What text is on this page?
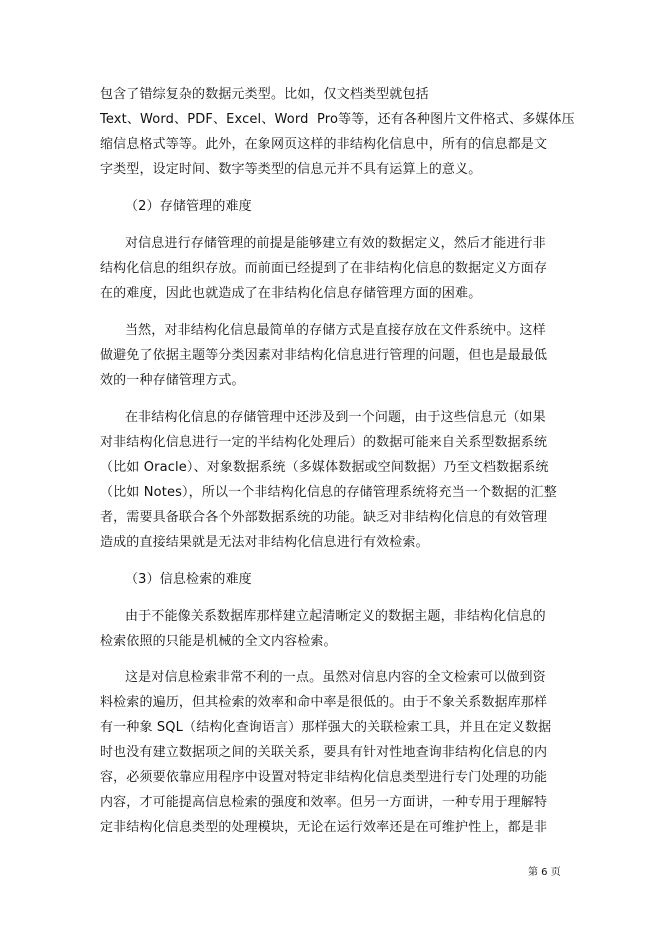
包含了错综复杂的数据元类型。比如，仅文档类型就包括
Text、Word、PDF、Excel、Word  Pro等等，还有各种图片文件格式、多媒体压
缩信息格式等等。此外，在象网页这样的非结构化信息中，所有的信息都是文
字类型，设定时间、数字等类型的信息元并不具有运算上的意义。
（2）存储管理的难度
对信息进行存储管理的前提是能够建立有效的数据定义，然后才能进行非
结构化信息的组织存放。而前面已经提到了在非结构化信息的数据定义方面存
在的难度，因此也就造成了在非结构化信息存储管理方面的困难。
当然，对非结构化信息最简单的存储方式是直接存放在文件系统中。这样
做避免了依据主题等分类因素对非结构化信息进行管理的问题，但也是最最低
效的一种存储管理方式。
在非结构化信息的存储管理中还涉及到一个问题，由于这些信息元（如果
对非结构化信息进行一定的半结构化处理后）的数据可能来自关系型数据系统
（比如 Oracle）、对象数据系统（多媒体数据或空间数据）乃至文档数据系统
（比如 Notes），所以一个非结构化信息的存储管理系统将充当一个数据的汇整
者，需要具备联合各个外部数据系统的功能。缺乏对非结构化信息的有效管理
造成的直接结果就是无法对非结构化信息进行有效检索。
（3）信息检索的难度
由于不能像关系数据库那样建立起清晰定义的数据主题，非结构化信息的
检索依照的只能是机械的全文内容检索。
这是对信息检索非常不利的一点。虽然对信息内容的全文检索可以做到资
料检索的遍历，但其检索的效率和命中率是很低的。由于不象关系数据库那样
有一种象 SQL（结构化查询语言）那样强大的关联检索工具，并且在定义数据
时也没有建立数据项之间的关联关系，要具有针对性地查询非结构化信息的内
容，必须要依靠应用程序中设置对特定非结构化信息类型进行专门处理的功能
内容，才可能提高信息检索的强度和效率。但另一方面讲，一种专用于理解特
定非结构化信息类型的处理模块，无论在运行效率还是在可维护性上，都是非
第 6 页
